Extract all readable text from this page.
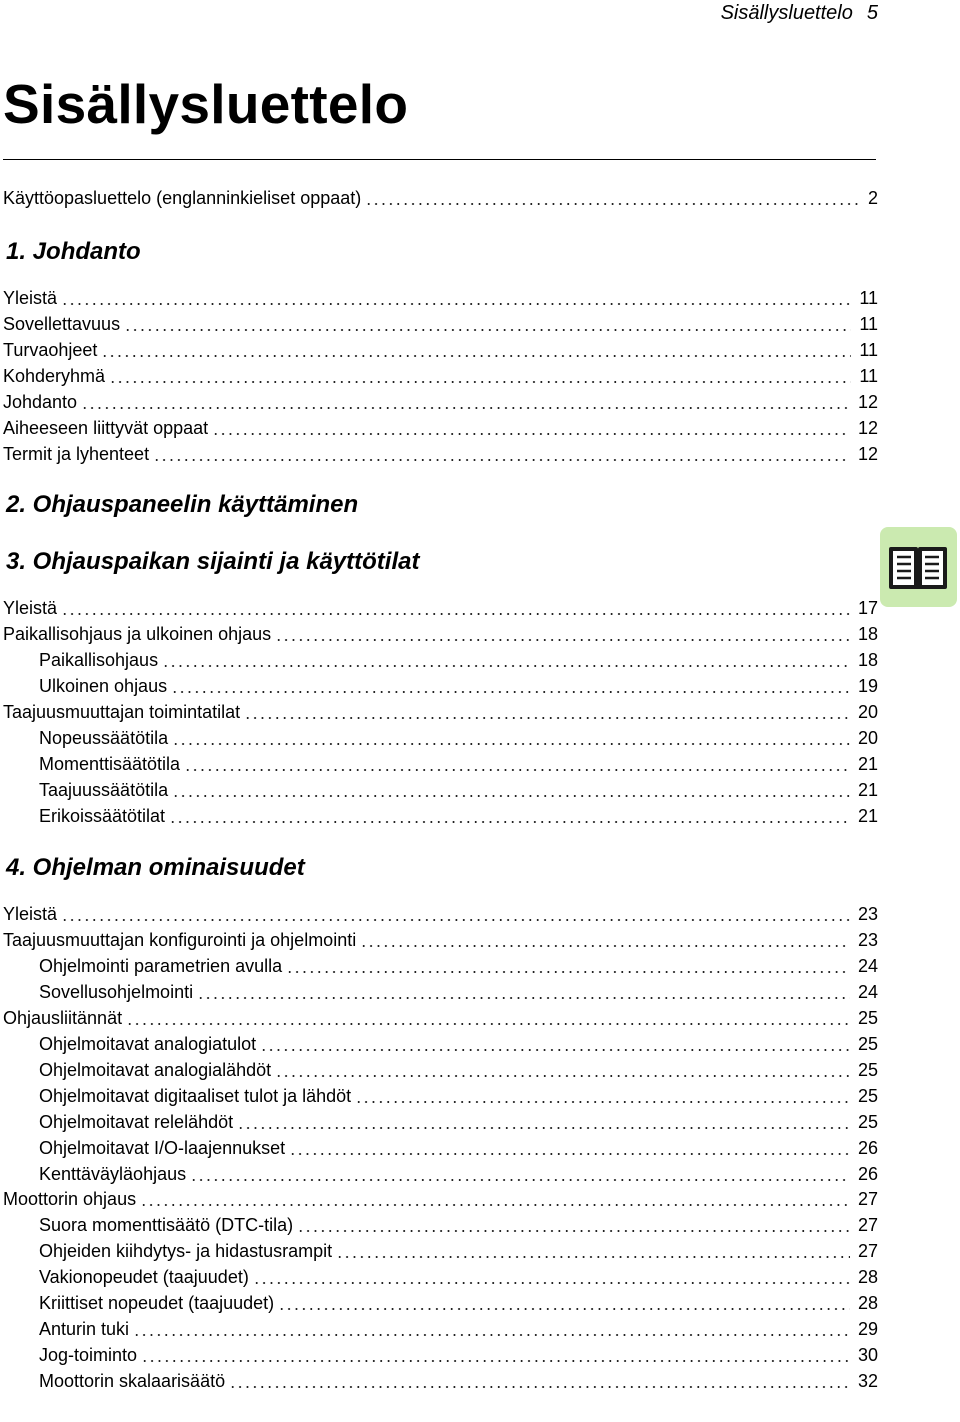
Sisällysluettelo 5
Sisällysluettelo
Käyttöopasluettelo (englanninkieliset oppaat)	2
1. Johdanto
Yleistä	11
Sovellettavuus	11
Turvaohjeet	11
Kohderyhmä	11
Johdanto	12
Aiheeseen liittyvät oppaat	12
Termit ja lyhenteet	12
2. Ohjauspaneelin käyttäminen
3. Ohjauspaikan sijainti ja käyttötilat
Yleistä	17
Paikallisohjaus ja ulkoinen ohjaus	18
Paikallisohjaus	18
Ulkoinen ohjaus	19
Taajuusmuuttajan toimintatilat	20
Nopeussäätötila	20
Momenttisäätötila	21
Taajuussäätötila	21
Erikoissäätötilat	21
4. Ohjelman ominaisuudet
Yleistä	23
Taajuusmuuttajan konfigurointi ja ohjelmointi	23
Ohjelmointi parametrien avulla	24
Sovellusohjelmointi	24
Ohjausliitännät	25
Ohjelmoitavat analogiatulot	25
Ohjelmoitavat analogialähdöt	25
Ohjelmoitavat digitaaliset tulot ja lähdöt	25
Ohjelmoitavat relelähdöt	25
Ohjelmoitavat I/O-laajennukset	26
Kenttäväyläohjaus	26
Moottorin ohjaus	27
Suora momenttisäätö (DTC-tila)	27
Ohjeiden kiihdytys- ja hidastusrampit	27
Vakionopeudet (taajuudet)	28
Kriittiset nopeudet (taajuudet)	28
Anturin tuki	29
Jog-toiminto	30
Moottorin skalaarisäätö	32
